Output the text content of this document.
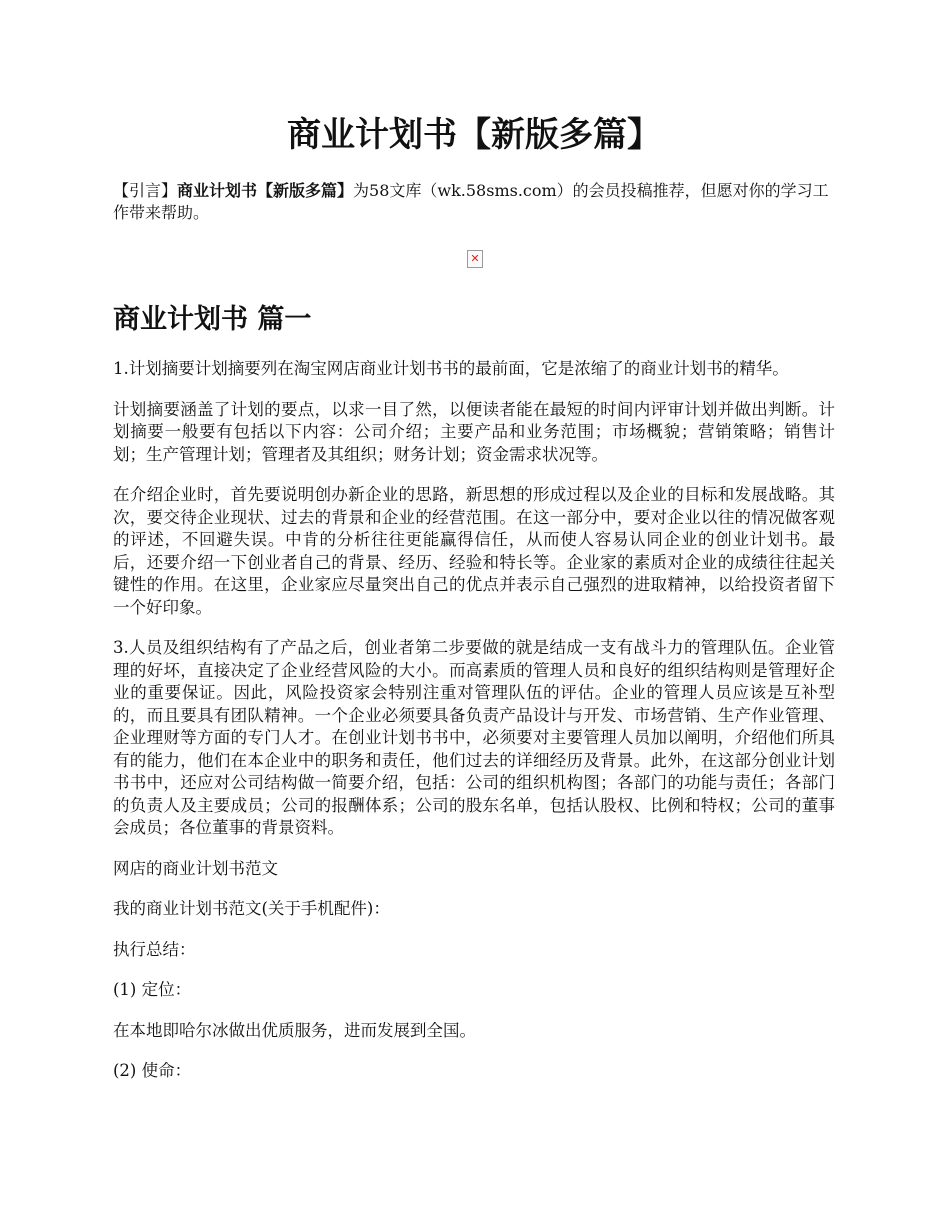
商业计划书【新版多篇】

【引言】商业计划书【新版多篇】为58文库（wk.58sms.com）的会员投稿推荐，但愿对你的学习工作带来帮助。

✕
商业计划书 篇一

1.计划摘要计划摘要列在淘宝网店商业计划书书的最前面，它是浓缩了的商业计划书的精华。

计划摘要涵盖了计划的要点，以求一目了然，以便读者能在最短的时间内评审计划并做出判断。计划摘要一般要有包括以下内容：公司介绍；主要产品和业务范围；市场概貌；营销策略；销售计划；生产管理计划；管理者及其组织；财务计划；资金需求状况等。

在介绍企业时，首先要说明创办新企业的思路，新思想的形成过程以及企业的目标和发展战略。其次，要交待企业现状、过去的背景和企业的经营范围。在这一部分中，要对企业以往的情况做客观的评述，不回避失误。中肯的分析往往更能赢得信任，从而使人容易认同企业的创业计划书。最后，还要介绍一下创业者自己的背景、经历、经验和特长等。企业家的素质对企业的成绩往往起关键性的作用。在这里，企业家应尽量突出自己的优点并表示自己强烈的进取精神，以给投资者留下一个好印象。

3.人员及组织结构有了产品之后，创业者第二步要做的就是结成一支有战斗力的管理队伍。企业管理的好坏，直接决定了企业经营风险的大小。而高素质的管理人员和良好的组织结构则是管理好企业的重要保证。因此，风险投资家会特别注重对管理队伍的评估。企业的管理人员应该是互补型的，而且要具有团队精神。一个企业必须要具备负责产品设计与开发、市场营销、生产作业管理、企业理财等方面的专门人才。在创业计划书书中，必须要对主要管理人员加以阐明，介绍他们所具有的能力，他们在本企业中的职务和责任，他们过去的详细经历及背景。此外，在这部分创业计划书书中，还应对公司结构做一简要介绍，包括：公司的组织机构图；各部门的功能与责任；各部门的负责人及主要成员；公司的报酬体系；公司的股东名单，包括认股权、比例和特权；公司的董事会成员；各位董事的背景资料。

网店的商业计划书范文

我的商业计划书范文(关于手机配件)：

执行总结：

(1) 定位：

在本地即哈尔冰做出优质服务，进而发展到全国。

(2) 使命：
